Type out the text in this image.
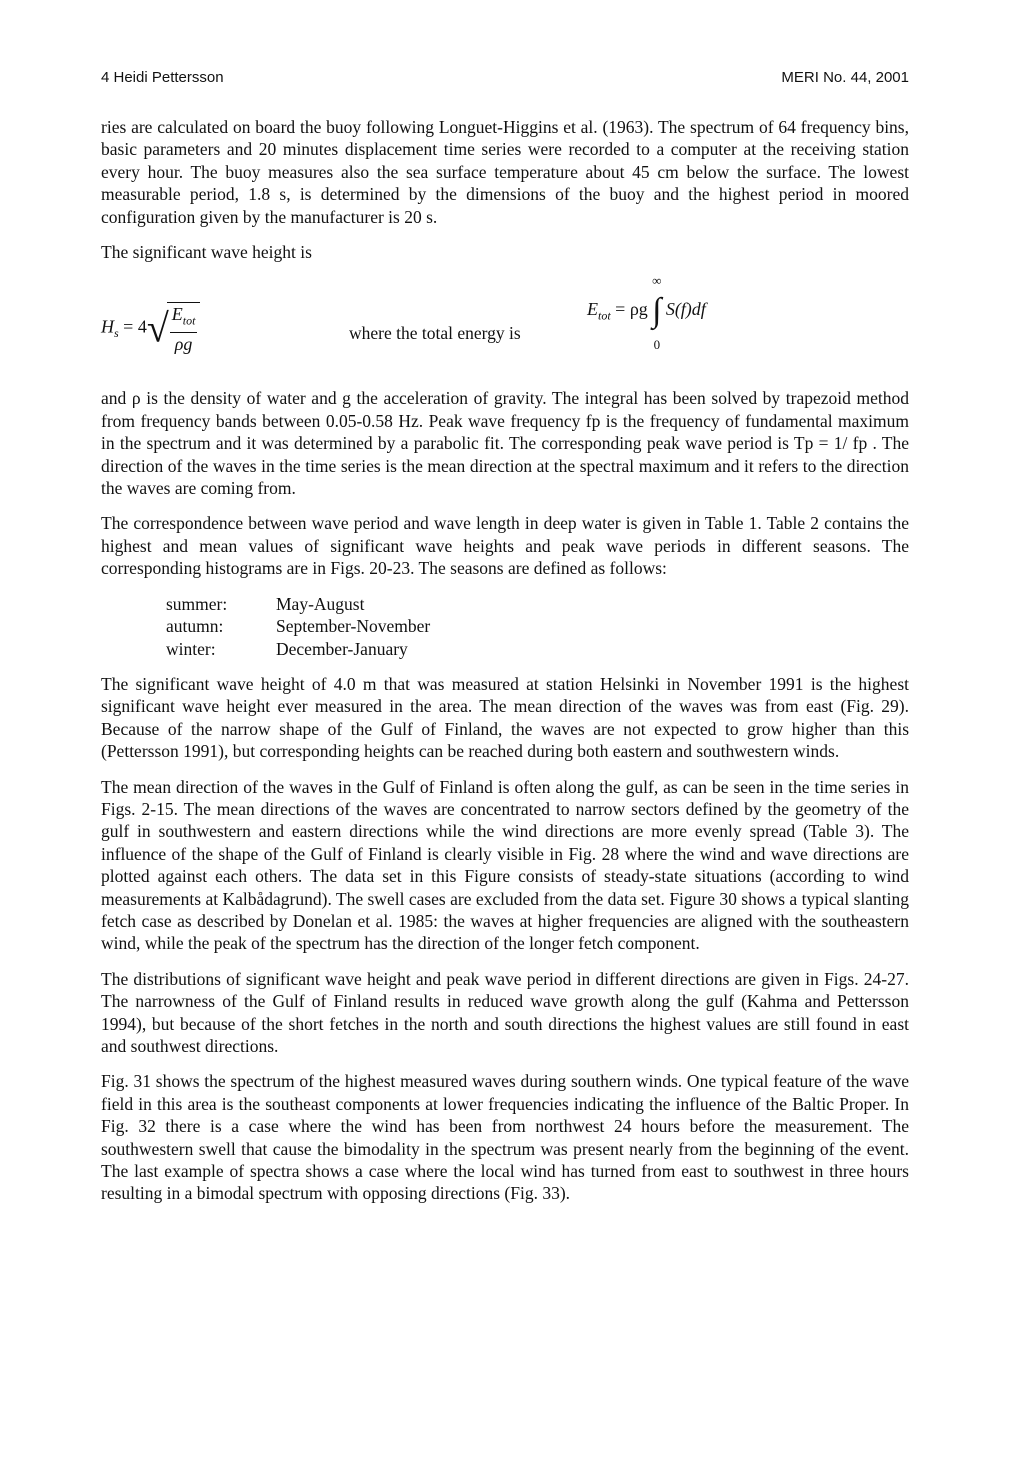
4 Heidi Pettersson	MERI No. 44, 2001

ries are calculated on board the buoy following Longuet-Higgins et al. (1963). The spectrum of 64 frequency bins, basic parameters and 20 minutes displacement time series were recorded to a computer at the receiving station every hour. The buoy measures also the sea surface temperature about 45 cm below the surface. The lowest measurable period, 1.8 s, is determined by the dimensions of the buoy and the highest period in moored configuration given by the manufacturer is 20 s.

The significant wave height is

$H_s = 4√$
$\frac{E_{tot}}{\rho g}$	where the total energy is
$E_{tot} = \rho g$
∞
∫
0
S(f)df

and ρ is the density of water and g the acceleration of gravity. The integral has been solved by trapezoid method from frequency bands between 0.05-0.58 Hz. Peak wave frequency fp is the frequency of fundamental maximum in the spectrum and it was determined by a parabolic fit. The corresponding peak wave period is Tp = 1/ fp . The direction of the waves in the time series is the mean direction at the spectral maximum and it refers to the direction the waves are coming from.

The correspondence between wave period and wave length in deep water is given in Table 1. Table 2 contains the highest and mean values of significant wave heights and peak wave periods in different seasons. The corresponding histograms are in Figs. 20-23. The seasons are defined as follows:

summer:	May-August
autumn:	September-November
winter:	December-January

The significant wave height of 4.0 m that was measured at station Helsinki in November 1991 is the highest significant wave height ever measured in the area. The mean direction of the waves was from east (Fig. 29). Because of the narrow shape of the Gulf of Finland, the waves are not expected to grow higher than this (Pettersson 1991), but corresponding heights can be reached during both eastern and southwestern winds.

The mean direction of the waves in the Gulf of Finland is often along the gulf, as can be seen in the time series in Figs. 2-15. The mean directions of the waves are concentrated to narrow sectors defined by the geometry of the gulf in southwestern and eastern directions while the wind directions are more evenly spread (Table 3). The influence of the shape of the Gulf of Finland is clearly visible in Fig. 28 where the wind and wave directions are plotted against each others. The data set in this Figure consists of steady-state situations (according to wind measurements at Kalbådagrund). The swell cases are excluded from the data set. Figure 30 shows a typical slanting fetch case as described by Donelan et al. 1985: the waves at higher frequencies are aligned with the southeastern wind, while the peak of the spectrum has the direction of the longer fetch component.

The distributions of significant wave height and peak wave period in different directions are given in Figs. 24-27. The narrowness of the Gulf of Finland results in reduced wave growth along the gulf (Kahma and Pettersson 1994), but because of the short fetches in the north and south directions the highest values are still found in east and southwest directions.

Fig. 31 shows the spectrum of the highest measured waves during southern winds. One typical feature of the wave field in this area is the southeast components at lower frequencies indicating the influence of the Baltic Proper. In Fig. 32 there is a case where the wind has been from northwest 24 hours before the measurement. The southwestern swell that cause the bimodality in the spectrum was present nearly from the beginning of the event. The last example of spectra shows a case where the local wind has turned from east to southwest in three hours resulting in a bimodal spectrum with opposing directions (Fig. 33).
